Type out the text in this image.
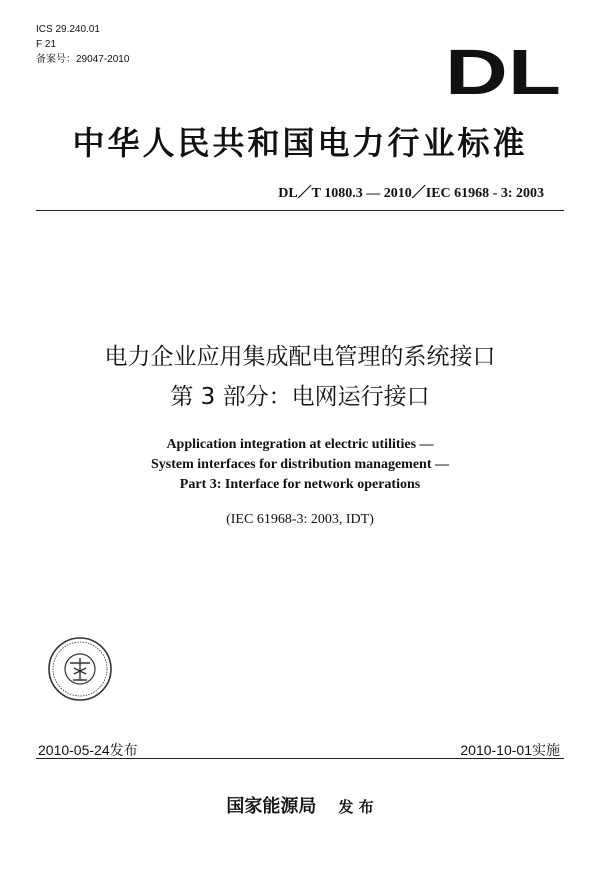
ICS 29.240.01
F 21
备案号：29047-2010	DL
中华人民共和国电力行业标准
DL／T 1080.3 — 2010／IEC 61968 - 3: 2003
电力企业应用集成配电管理的系统接口
第 3 部分：电网运行接口
Application integration at electric utilities —
System interfaces for distribution management —
Part 3: Interface for network operations
(IEC 61968-3: 2003, IDT)
2010-05-24发布	2010-10-01实施
国家能源局 发 布
